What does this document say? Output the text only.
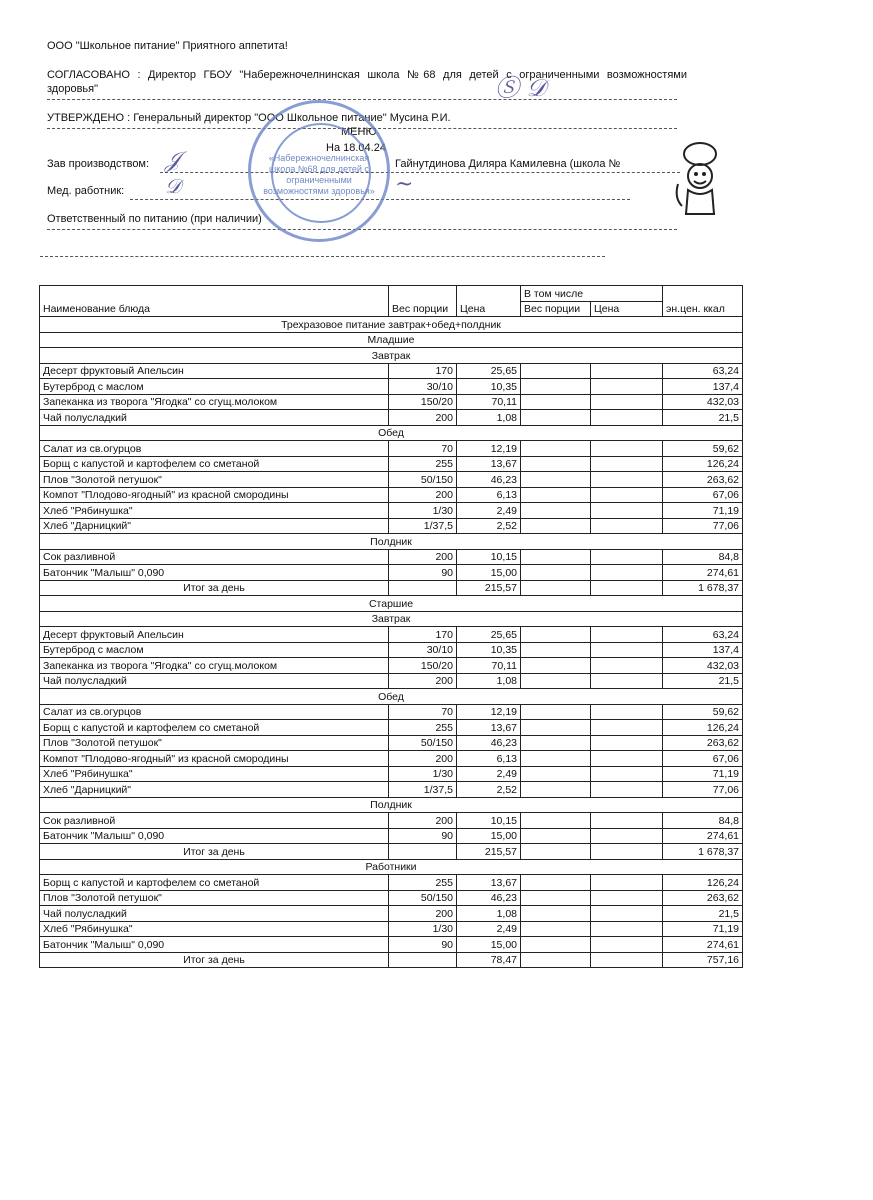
ООО "Школьное питание" Приятного аппетита!
СОГЛАСОВАНО : Директор ГБОУ "Набережночелнинская школа №68 для детей с ограниченными возможностями здоровья"
УТВЕРЖДЕНО : Генеральный директор "ООО Школьное питание" Мусина Р.И.
МЕНЮ
На 18.04.24
Зав производством:	Гайнутдинова Диляра Камилевна (школа №
Мед. работник:
Ответственный по питанию (при наличии)
«Набережночелнинская школа №68 для детей с ограниченными возможностями здоровья»
Ⓢ 𝒟
𝒥
𝒟	~
Наименование блюда	Вес порции	Цена	В том числе		эн.цен. ккал
			Вес порции	Цена	
Трехразовое питание завтрак+обед+полдник					
Младшие					
Завтрак					
Десерт фруктовый Апельсин	170	25,65			63,24
Бутерброд с маслом	30/10	10,35			137,4
Запеканка из творога "Ягодка" со сгущ.молоком	150/20	70,11			432,03
Чай полусладкий	200	1,08			21,5
Обед					
Салат из св.огурцов	70	12,19			59,62
Борщ с капустой и картофелем со сметаной	255	13,67			126,24
Плов "Золотой петушок"	50/150	46,23			263,62
Компот "Плодово-ягодный" из красной смородины	200	6,13			67,06
Хлеб "Рябинушка"	1/30	2,49			71,19
Хлеб "Дарницкий"	1/37,5	2,52			77,06
Полдник					
Сок разливной	200	10,15			84,8
Батончик "Малыш" 0,090	90	15,00			274,61
Итог за день		215,57			1 678,37
Старшие					
Завтрак					
Десерт фруктовый Апельсин	170	25,65			63,24
Бутерброд с маслом	30/10	10,35			137,4
Запеканка из творога "Ягодка" со сгущ.молоком	150/20	70,11			432,03
Чай полусладкий	200	1,08			21,5
Обед					
Салат из св.огурцов	70	12,19			59,62
Борщ с капустой и картофелем со сметаной	255	13,67			126,24
Плов "Золотой петушок"	50/150	46,23			263,62
Компот "Плодово-ягодный" из красной смородины	200	6,13			67,06
Хлеб "Рябинушка"	1/30	2,49			71,19
Хлеб "Дарницкий"	1/37,5	2,52			77,06
Полдник					
Сок разливной	200	10,15			84,8
Батончик "Малыш" 0,090	90	15,00			274,61
Итог за день		215,57			1 678,37
Работники					
Борщ с капустой и картофелем со сметаной	255	13,67			126,24
Плов "Золотой петушок"	50/150	46,23			263,62
Чай полусладкий	200	1,08			21,5
Хлеб "Рябинушка"	1/30	2,49			71,19
Батончик "Малыш" 0,090	90	15,00			274,61
Итог за день		78,47			757,16
